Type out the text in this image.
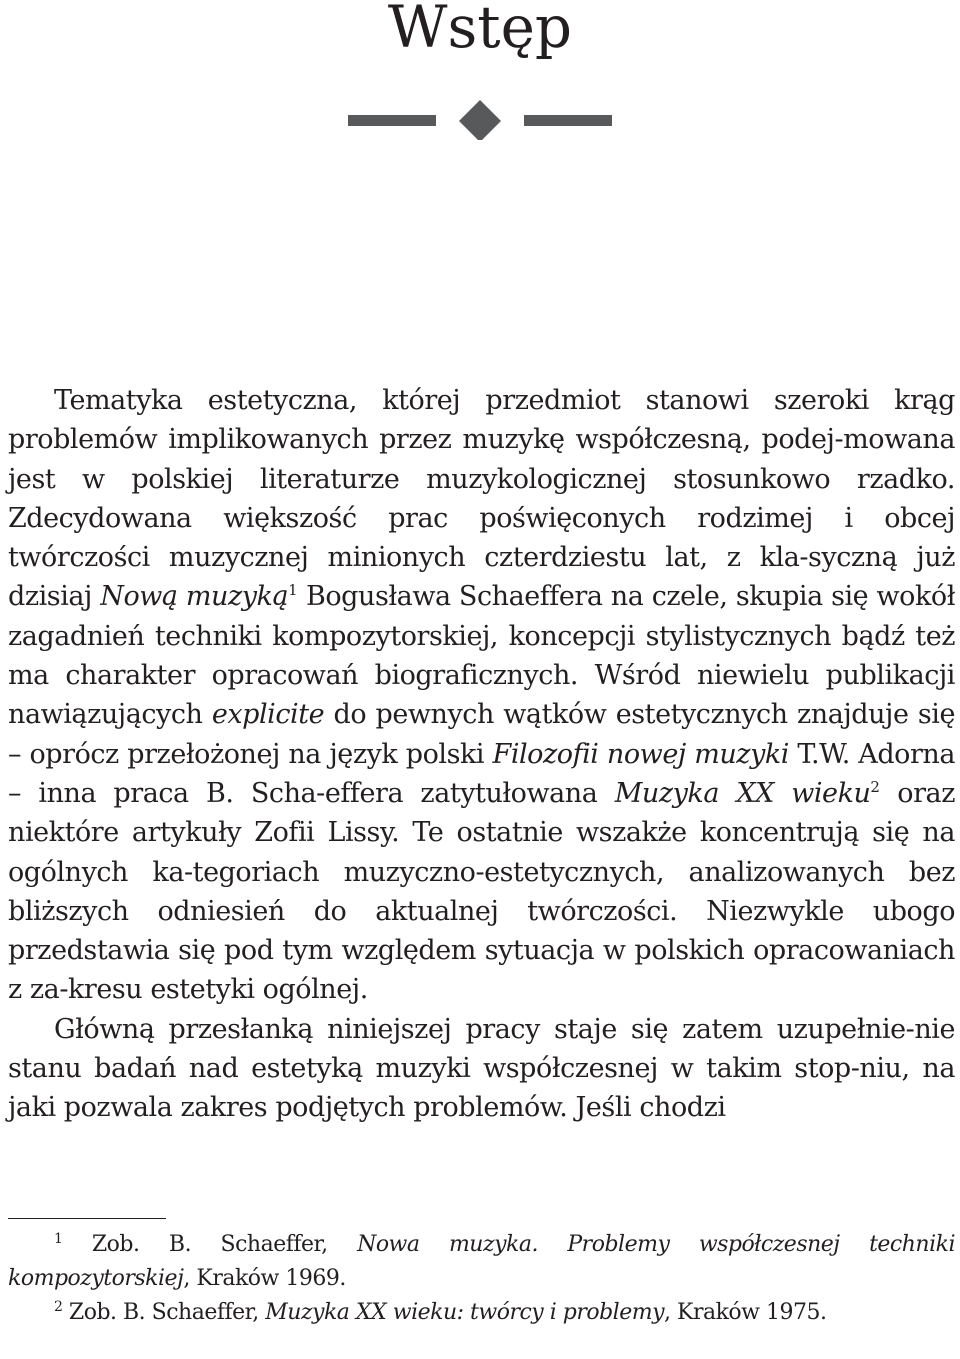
Wstęp

Tematyka estetyczna, której przedmiot stanowi szeroki krąg problemów implikowanych przez muzykę współczesną, podej-mowana jest w polskiej literaturze muzykologicznej stosunkowo rzadko. Zdecydowana większość prac poświęconych rodzimej i obcej twórczości muzycznej minionych czterdziestu lat, z kla-syczną już dzisiaj Nową muzyką$^1$ Bogusława Schaeffera na czele, skupia się wokół zagadnień techniki kompozytorskiej, koncepcji stylistycznych bądź też ma charakter opracowań biograficznych. Wśród niewielu publikacji nawiązujących explicite do pewnych wątków estetycznych znajduje się – oprócz przełożonej na język polski Filozofii nowej muzyki T.W. Adorna – inna praca B. Scha-effera zatytułowana Muzyka XX wieku$^2$ oraz niektóre artykuły Zofii Lissy. Te ostatnie wszakże koncentrują się na ogólnych ka-tegoriach muzyczno-estetycznych, analizowanych bez bliższych odniesień do aktualnej twórczości. Niezwykle ubogo przedstawia się pod tym względem sytuacja w polskich opracowaniach z za-kresu estetyki ogólnej.

Główną przesłanką niniejszej pracy staje się zatem uzupełnie-nie stanu badań nad estetyką muzyki współczesnej w takim stop-niu, na jaki pozwala zakres podjętych problemów. Jeśli chodzi

$^1$ Zob. B. Schaeffer, Nowa muzyka. Problemy współczesnej techniki kompozytorskiej, Kraków 1969.

$^2$ Zob. B. Schaeffer, Muzyka XX wieku: twórcy i problemy, Kraków 1975.
